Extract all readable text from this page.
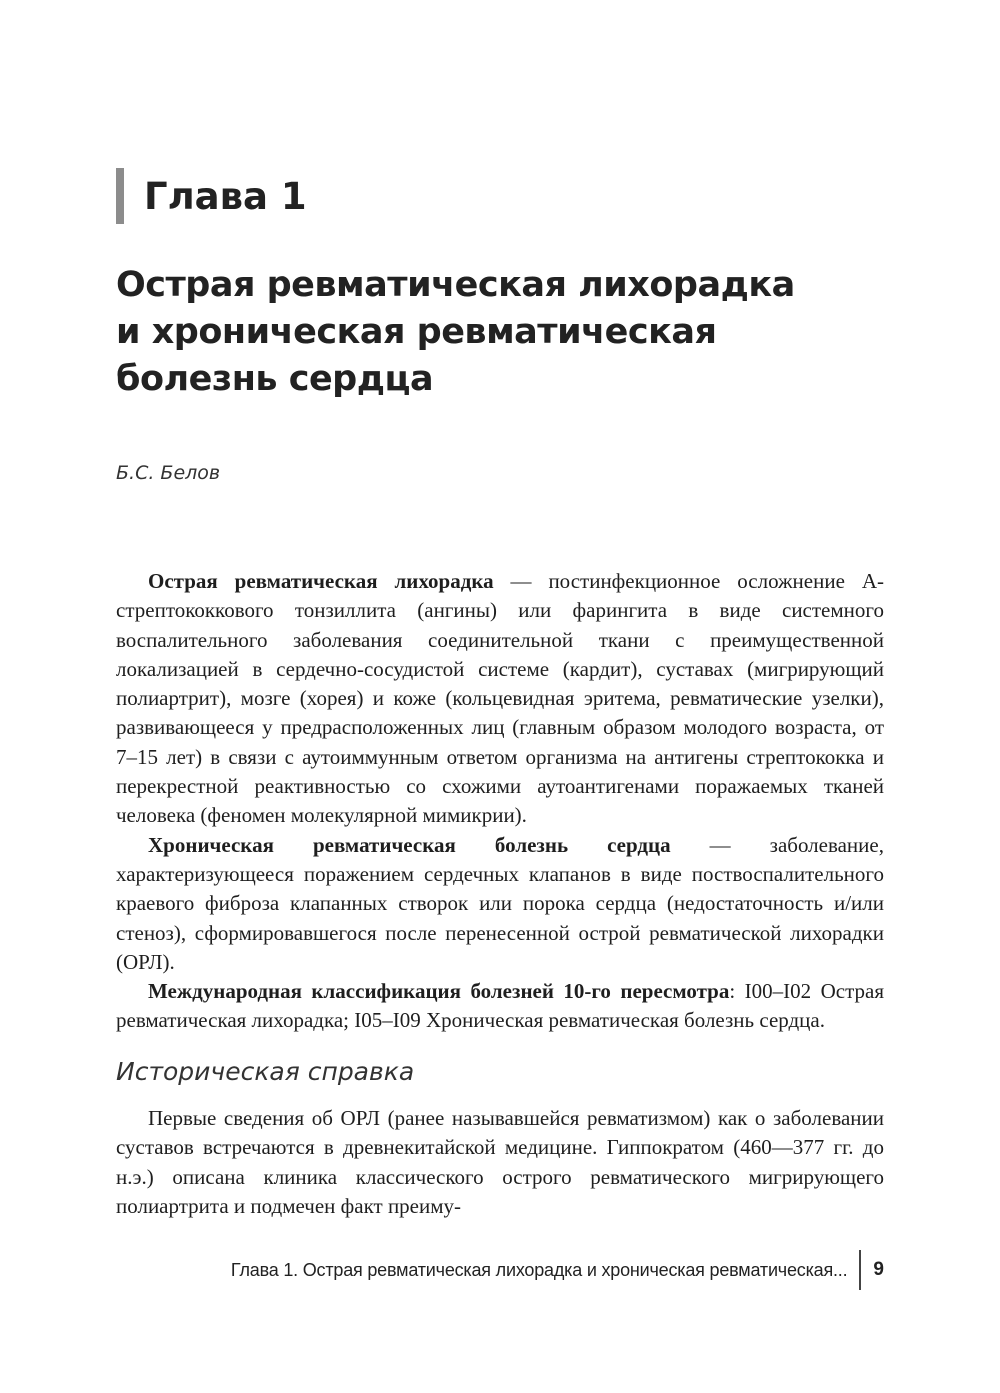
Глава 1
Острая ревматическая лихорадка
и хроническая ревматическая
болезнь сердца
Б.С. Белов

Острая ревматическая лихорадка — постинфекционное осложнение А-стрептококкового тонзиллита (ангины) или фарингита в виде системного воспалительного заболевания соединительной ткани с преимущественной локализацией в сердечно-сосудистой системе (кардит), суставах (мигрирующий полиартрит), мозге (хорея) и коже (кольцевидная эритема, ревматические узелки), развивающееся у предрасположенных лиц (главным образом молодого возраста, от 7–15 лет) в связи с аутоиммунным ответом организма на антигены стрептококка и перекрестной реактивностью со схожими аутоантигенами поражаемых тканей человека (феномен молекулярной мимикрии).

Хроническая ревматическая болезнь сердца — заболевание, характеризующееся поражением сердечных клапанов в виде поствоспалительного краевого фиброза клапанных створок или порока сердца (недостаточность и/или стеноз), сформировавшегося после перенесенной острой ревматической лихорадки (ОРЛ).

Международная классификация болезней 10-го пересмотра: I00–I02 Острая ревматическая лихорадка; I05–I09 Хроническая ревматическая болезнь сердца.

Историческая справка

Первые сведения об ОРЛ (ранее называвшейся ревматизмом) как о заболевании суставов встречаются в древнекитайской медицине. Гиппократом (460—377 гг. до н.э.) описана клиника классического острого ревматического мигрирующего полиартрита и подмечен факт преиму-

Глава 1. Острая ревматическая лихорадка и хроническая ревматическая... 9
